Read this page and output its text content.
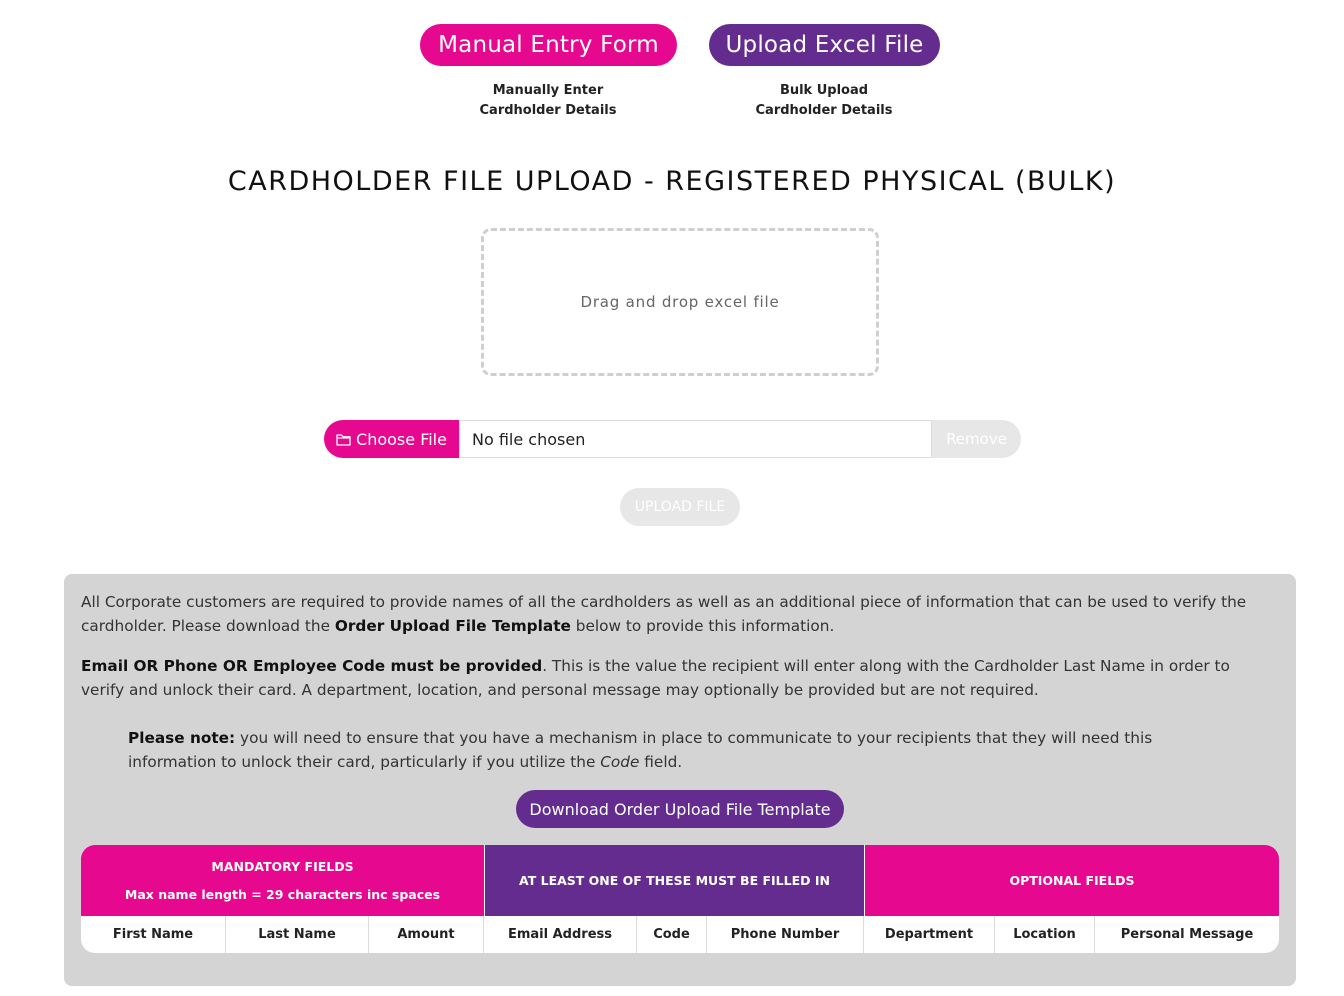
Manual Entry Form	Upload Excel File
Manually Enter
Cardholder Details
Bulk Upload
Cardholder Details
CARDHOLDER FILE UPLOAD - REGISTERED PHYSICAL (BULK)
Drag and drop excel file
Choose File No file chosen	Remove
UPLOAD FILE

All Corporate customers are required to provide names of all the cardholders as well as an additional piece of information that can be used to verify the cardholder. Please download the Order Upload File Template below to provide this information.

Email OR Phone OR Employee Code must be provided. This is the value the recipient will enter along with the Cardholder Last Name in order to verify and unlock their card. A department, location, and personal message may optionally be provided but are not required.

Please note: you will need to ensure that you have a mechanism in place to communicate to your recipients that they will need this information to unlock their card, particularly if you utilize the Code field.

Download Order Upload File Template
MANDATORY FIELDS
Max name length = 29 characters inc spaces
AT LEAST ONE OF THESE MUST BE FILLED IN	OPTIONAL FIELDS
First Name	Last Name	Amount	Email Address	Code	Phone Number	Department	Location	Personal Message
